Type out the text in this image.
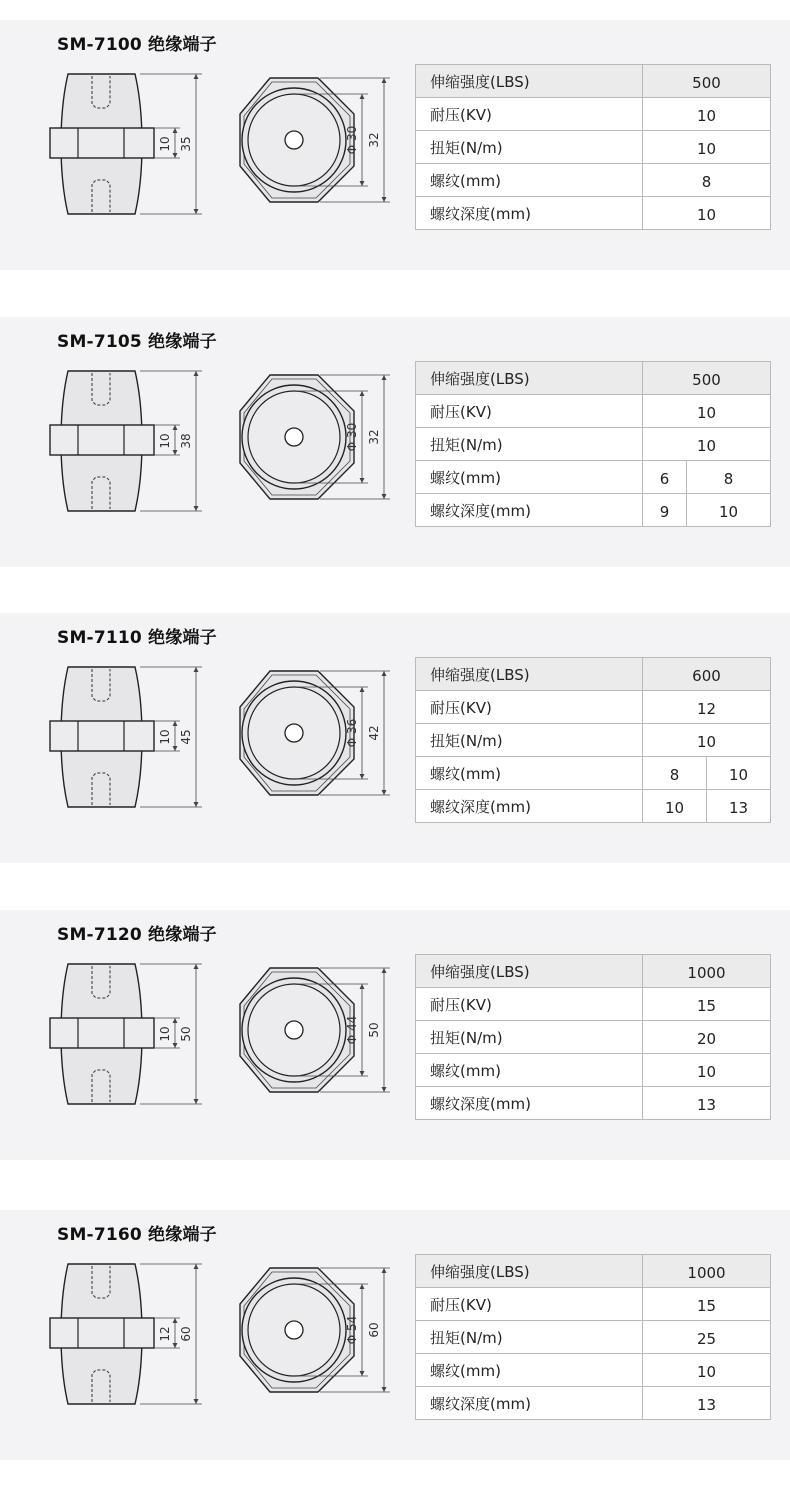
SM-7100 绝缘端子
10 35	Φ 30 32
伸缩强度(LBS)	500
耐压(KV)	10
扭矩(N/m)	10
螺纹(mm)	8
螺纹深度(mm)	10
SM-7105 绝缘端子
10 38	Φ 30 32
伸缩强度(LBS)	500	
耐压(KV)	10	
扭矩(N/m)	10	
螺纹(mm)	6	8
螺纹深度(mm)	9	10
SM-7110 绝缘端子
10 45	Φ 36 42
伸缩强度(LBS)	600	
耐压(KV)	12	
扭矩(N/m)	10	
螺纹(mm)	8	10
螺纹深度(mm)	10	13
SM-7120 绝缘端子
10 50	Φ 44 50
伸缩强度(LBS)	1000
耐压(KV)	15
扭矩(N/m)	20
螺纹(mm)	10
螺纹深度(mm)	13
SM-7160 绝缘端子
12 60	Φ 54 60
伸缩强度(LBS)	1000
耐压(KV)	15
扭矩(N/m)	25
螺纹(mm)	10
螺纹深度(mm)	13
